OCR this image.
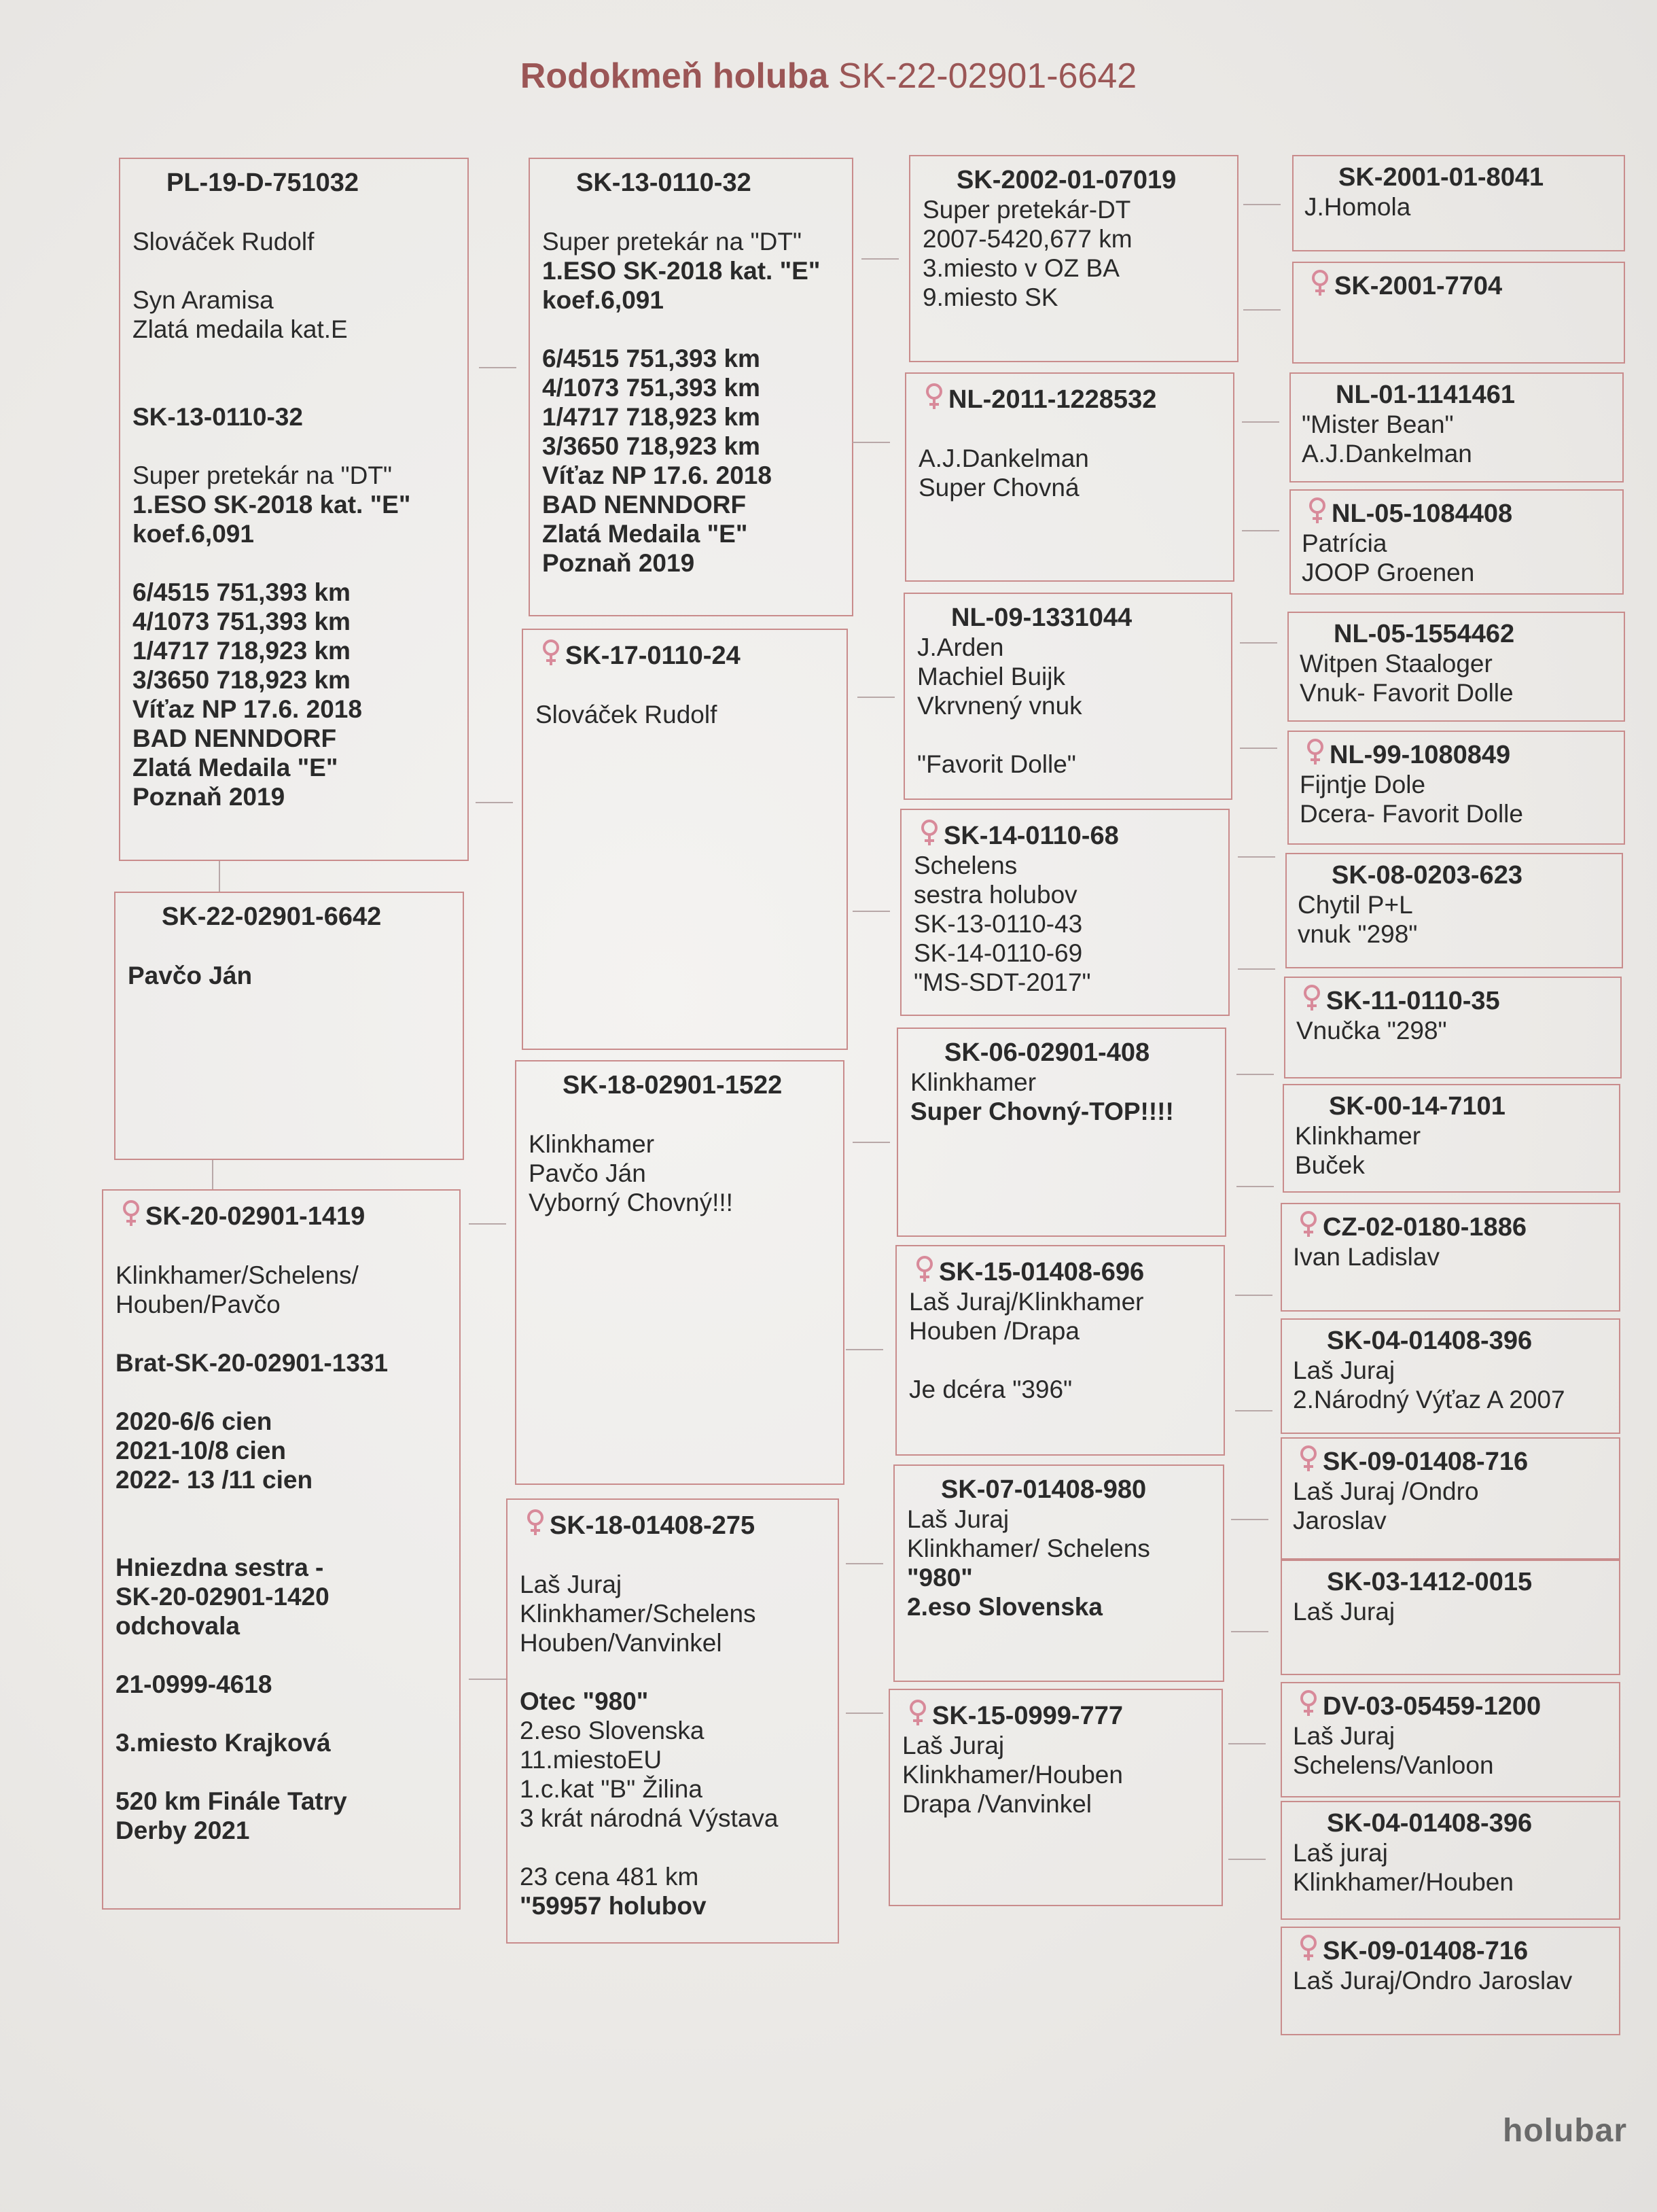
Rodokmeň holuba SK-22-02901-6642
PL-19-D-751032
Slováček Rudolf
Syn Aramisa
Zlatá medaila kat.E
SK-13-0110-32
Super pretekár na "DT"
1.ESO SK-2018 kat. "E"
koef.6,091
6/4515 751,393 km
4/1073 751,393 km
1/4717 718,923 km
3/3650 718,923 km
Víťaz NP 17.6. 2018
BAD NENNDORF
Zlatá Medaila "E"
Poznaň 2019
SK-22-02901-6642
Pavčo Ján
SK-20-02901-1419
Klinkhamer/Schelens/
Houben/Pavčo
Brat-SK-20-02901-1331
2020-6/6 cien
2021-10/8 cien
2022- 13 /11 cien
Hniezdna sestra -
SK-20-02901-1420
odchovala
21-0999-4618
3.miesto Krajková
520 km Finále Tatry
Derby 2021
SK-13-0110-32
Super pretekár na "DT"
1.ESO SK-2018 kat. "E"
koef.6,091
6/4515 751,393 km
4/1073 751,393 km
1/4717 718,923 km
3/3650 718,923 km
Víťaz NP 17.6. 2018
BAD NENNDORF
Zlatá Medaila "E"
Poznaň 2019
SK-17-0110-24
Slováček Rudolf
SK-18-02901-1522
Klinkhamer
Pavčo Ján
Vyborný Chovný!!!
SK-18-01408-275
Laš Juraj
Klinkhamer/Schelens
Houben/Vanvinkel
Otec "980"
2.eso Slovenska
11.miestoEU
1.c.kat "B" Žilina
3 krát národná Výstava
23 cena 481 km
"59957 holubov
SK-2002-01-07019
Super pretekár-DT
2007-5420,677 km
3.miesto v OZ BA
9.miesto SK
NL-2011-1228532
A.J.Dankelman
Super Chovná
NL-09-1331044
J.Arden
Machiel Buijk
Vkrvnený vnuk
"Favorit Dolle"
SK-14-0110-68
Schelens
sestra holubov
SK-13-0110-43
SK-14-0110-69
"MS-SDT-2017"
SK-06-02901-408
Klinkhamer
Super Chovný-TOP!!!!
SK-15-01408-696
Laš Juraj/Klinkhamer
Houben /Drapa
Je dcéra "396"
SK-07-01408-980
Laš Juraj
Klinkhamer/ Schelens
"980"
2.eso Slovenska
SK-15-0999-777
Laš Juraj
Klinkhamer/Houben
Drapa /Vanvinkel
SK-2001-01-8041
J.Homola
SK-2001-7704
NL-01-1141461
"Mister Bean"
A.J.Dankelman
NL-05-1084408
Patrícia
JOOP Groenen
NL-05-1554462
Witpen Staaloger
Vnuk- Favorit Dolle
NL-99-1080849
Fijntje Dole
Dcera- Favorit Dolle
SK-08-0203-623
Chytil P+L
vnuk "298"
SK-11-0110-35
Vnučka "298"
SK-00-14-7101
Klinkhamer
Buček
CZ-02-0180-1886
Ivan Ladislav
SK-04-01408-396
Laš Juraj
2.Národný Výťaz A 2007
SK-09-01408-716
Laš Juraj /Ondro
Jaroslav
SK-03-1412-0015
Laš Juraj
DV-03-05459-1200
Laš Juraj
Schelens/Vanloon
SK-04-01408-396
Laš juraj
Klinkhamer/Houben
SK-09-01408-716
Laš Juraj/Ondro Jaroslav
holubar
